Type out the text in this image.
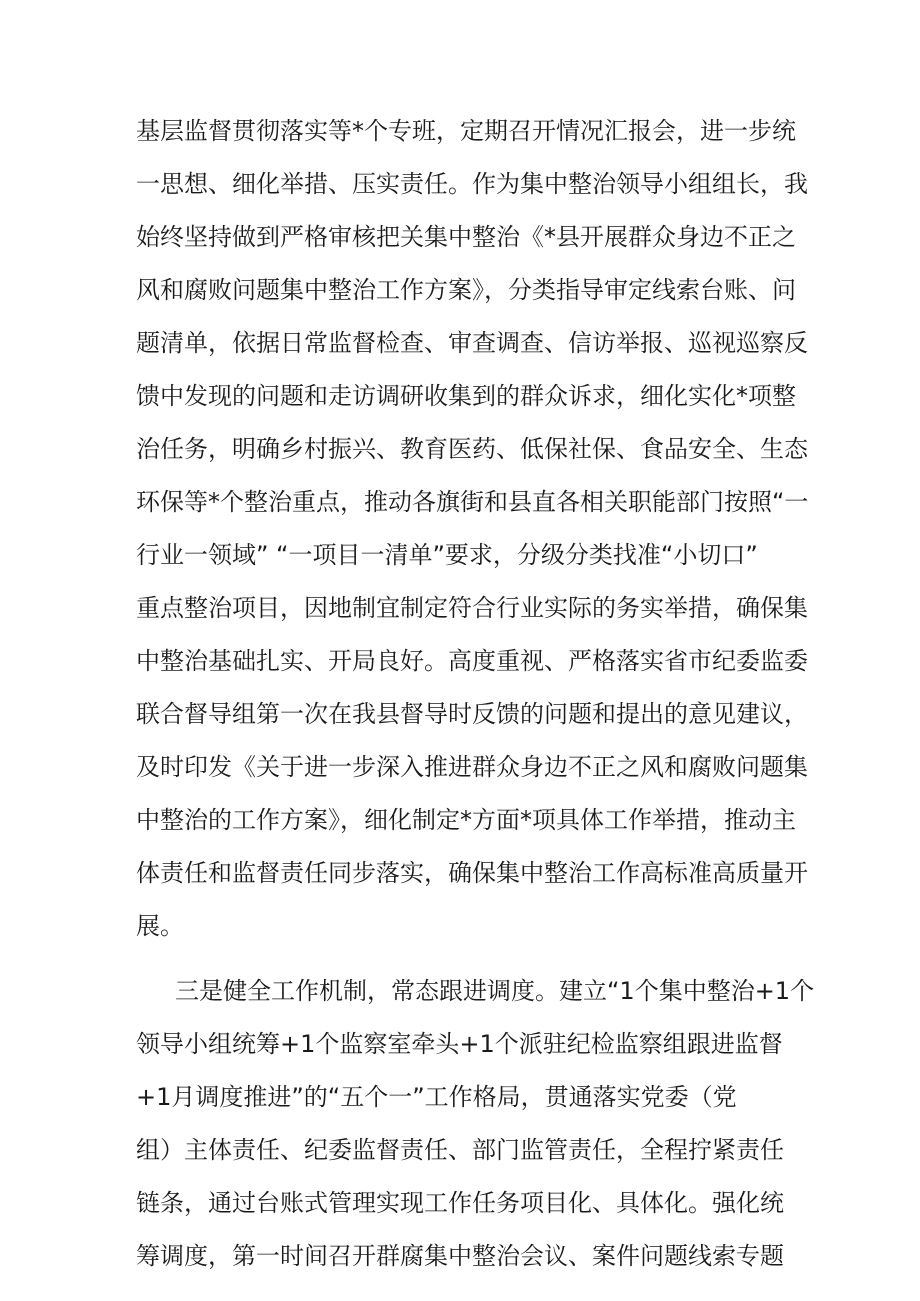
基层监督贯彻落实等*个专班，定期召开情况汇报会，进一步统
一思想、细化举措、压实责任。作为集中整治领导小组组长，我
始终坚持做到严格审核把关集中整治《*县开展群众身边不正之
风和腐败问题集中整治工作方案》，分类指导审定线索台账、问
题清单，依据日常监督检查、审查调查、信访举报、巡视巡察反
馈中发现的问题和走访调研收集到的群众诉求，细化实化*项整
治任务，明确乡村振兴、教育医药、低保社保、食品安全、生态
环保等*个整治重点，推动各旗街和县直各相关职能部门按照“一
行业一领域” “一项目一清单”要求，分级分类找准“小切口”
重点整治项目，因地制宜制定符合行业实际的务实举措，确保集
中整治基础扎实、开局良好。高度重视、严格落实省市纪委监委
联合督导组第一次在我县督导时反馈的问题和提出的意见建议，
及时印发《关于进一步深入推进群众身边不正之风和腐败问题集
中整治的工作方案》，细化制定*方面*项具体工作举措，推动主
体责任和监督责任同步落实，确保集中整治工作高标准高质量开
展。
三是健全工作机制，常态跟进调度。建立“1个集中整治+1个
领导小组统筹+1个监察室牵头+1个派驻纪检监察组跟进监督
+1月调度推进”的“五个一”工作格局，贯通落实党委（党
组）主体责任、纪委监督责任、部门监管责任，全程拧紧责任
链条，通过台账式管理实现工作任务项目化、具体化。强化统
筹调度，第一时间召开群腐集中整治会议、案件问题线索专题
